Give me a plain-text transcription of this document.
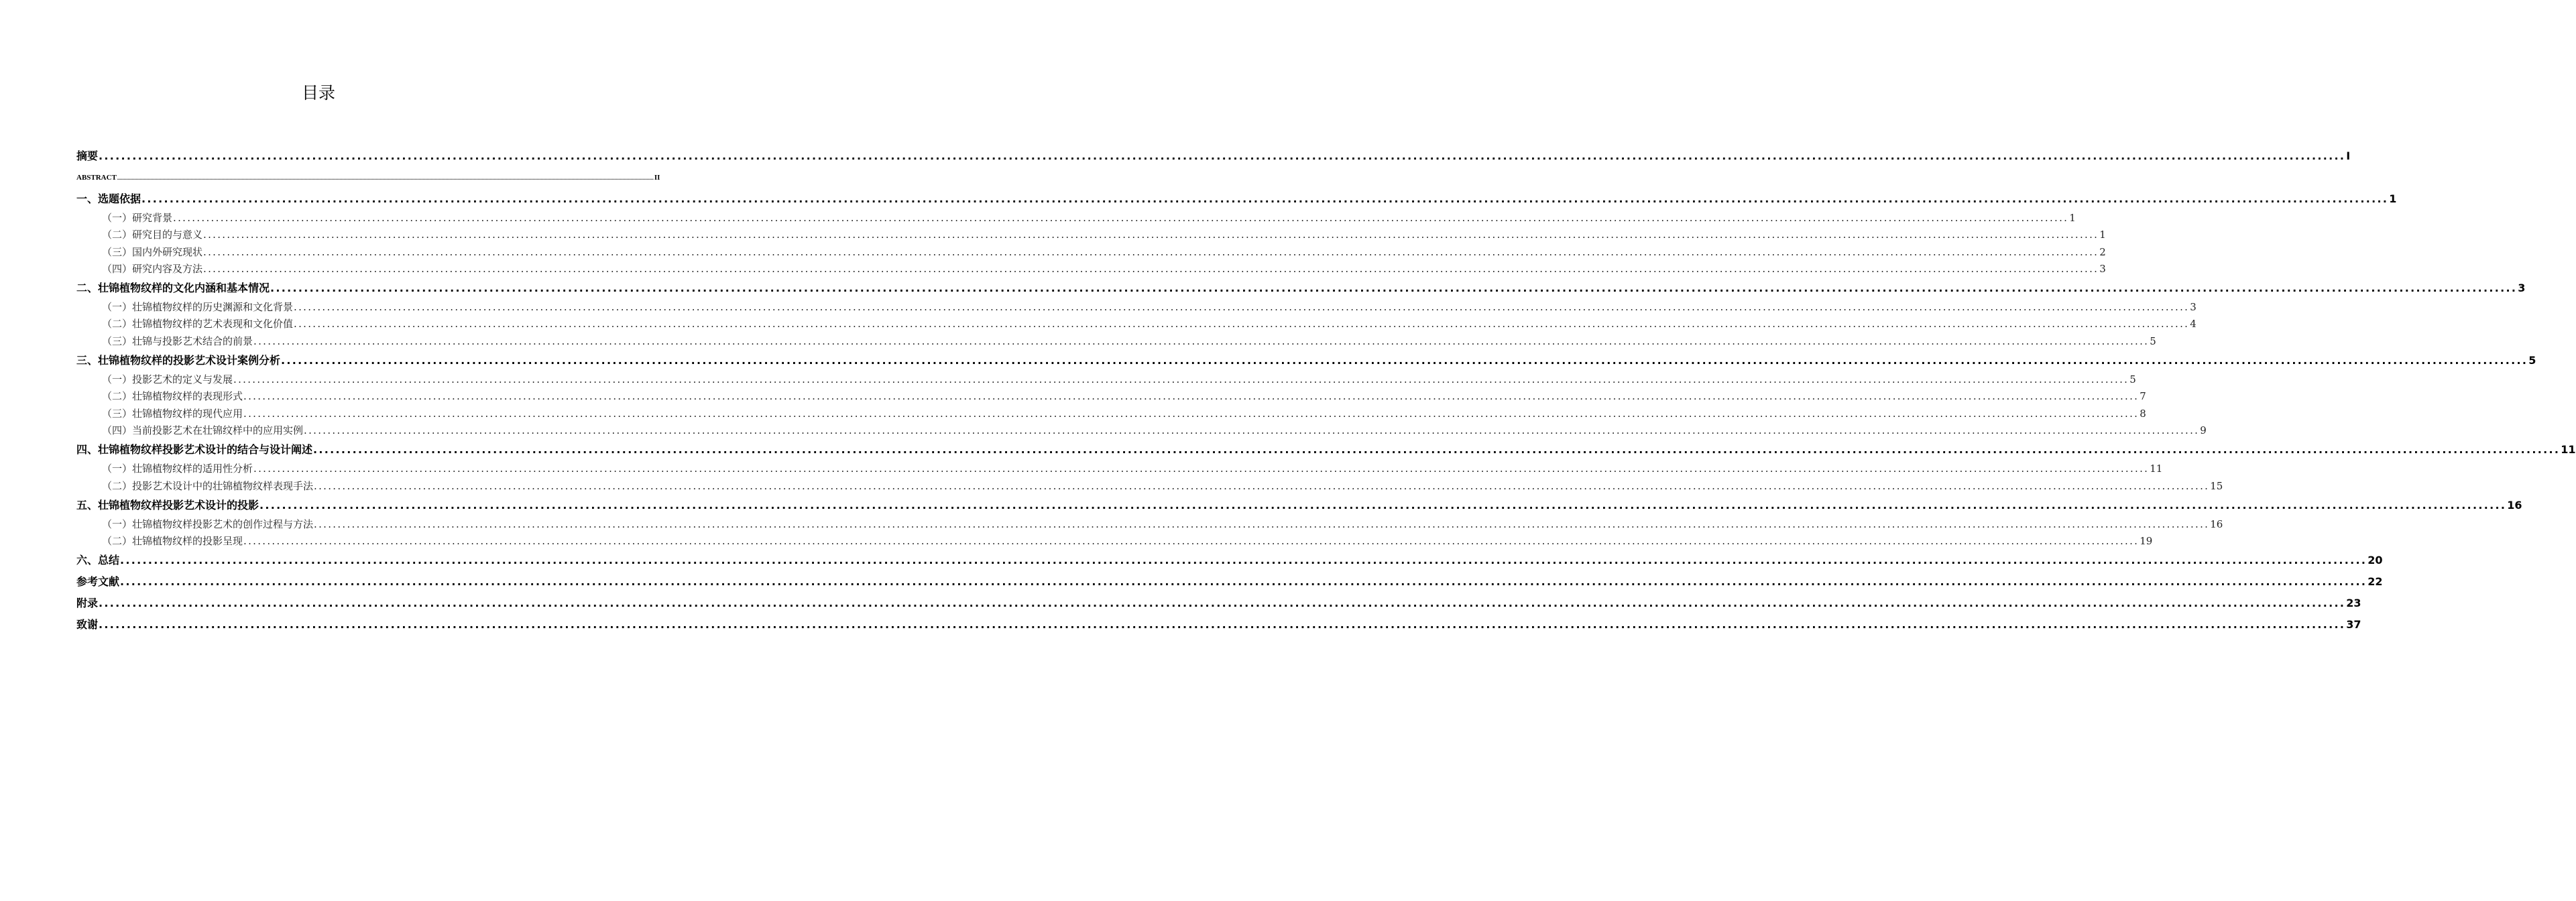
目录
摘要 ................................................................................................................................................................................................................................................................................................................................................................................................................ I
ABSTRACT ................................................................................................................................................................................................................................................................................................................................................................................................................ II
一、选题依据 ................................................................................................................................................................................................................................................................................................................................................................................................................ 1
（一）研究背景 ................................................................................................................................................................................................................................................................................................................................................................................................................ 1
（二）研究目的与意义 ................................................................................................................................................................................................................................................................................................................................................................................................................ 1
（三）国内外研究现状 ................................................................................................................................................................................................................................................................................................................................................................................................................ 2
（四）研究内容及方法 ................................................................................................................................................................................................................................................................................................................................................................................................................ 3
二、壮锦植物纹样的文化内涵和基本情况 ................................................................................................................................................................................................................................................................................................................................................................................................................ 3
（一）壮锦植物纹样的历史渊源和文化背景 ................................................................................................................................................................................................................................................................................................................................................................................................................ 3
（二）壮锦植物纹样的艺术表现和文化价值 ................................................................................................................................................................................................................................................................................................................................................................................................................ 4
（三）壮锦与投影艺术结合的前景 ................................................................................................................................................................................................................................................................................................................................................................................................................ 5
三、壮锦植物纹样的投影艺术设计案例分析 ................................................................................................................................................................................................................................................................................................................................................................................................................ 5
（一）投影艺术的定义与发展 ................................................................................................................................................................................................................................................................................................................................................................................................................ 5
（二）壮锦植物纹样的表现形式 ................................................................................................................................................................................................................................................................................................................................................................................................................ 7
（三）壮锦植物纹样的现代应用 ................................................................................................................................................................................................................................................................................................................................................................................................................ 8
（四）当前投影艺术在壮锦纹样中的应用实例 ................................................................................................................................................................................................................................................................................................................................................................................................................ 9
四、壮锦植物纹样投影艺术设计的结合与设计阐述 ................................................................................................................................................................................................................................................................................................................................................................................................................ 11
（一）壮锦植物纹样的适用性分析 ................................................................................................................................................................................................................................................................................................................................................................................................................ 11
（二）投影艺术设计中的壮锦植物纹样表现手法 ................................................................................................................................................................................................................................................................................................................................................................................................................ 15
五、壮锦植物纹样投影艺术设计的投影 ................................................................................................................................................................................................................................................................................................................................................................................................................ 16
（一）壮锦植物纹样投影艺术的创作过程与方法 ................................................................................................................................................................................................................................................................................................................................................................................................................ 16
（二）壮锦植物纹样的投影呈现 ................................................................................................................................................................................................................................................................................................................................................................................................................ 19
六、总结 ................................................................................................................................................................................................................................................................................................................................................................................................................ 20
参考文献 ................................................................................................................................................................................................................................................................................................................................................................................................................ 22
附录 ................................................................................................................................................................................................................................................................................................................................................................................................................ 23
致谢 ................................................................................................................................................................................................................................................................................................................................................................................................................ 37
